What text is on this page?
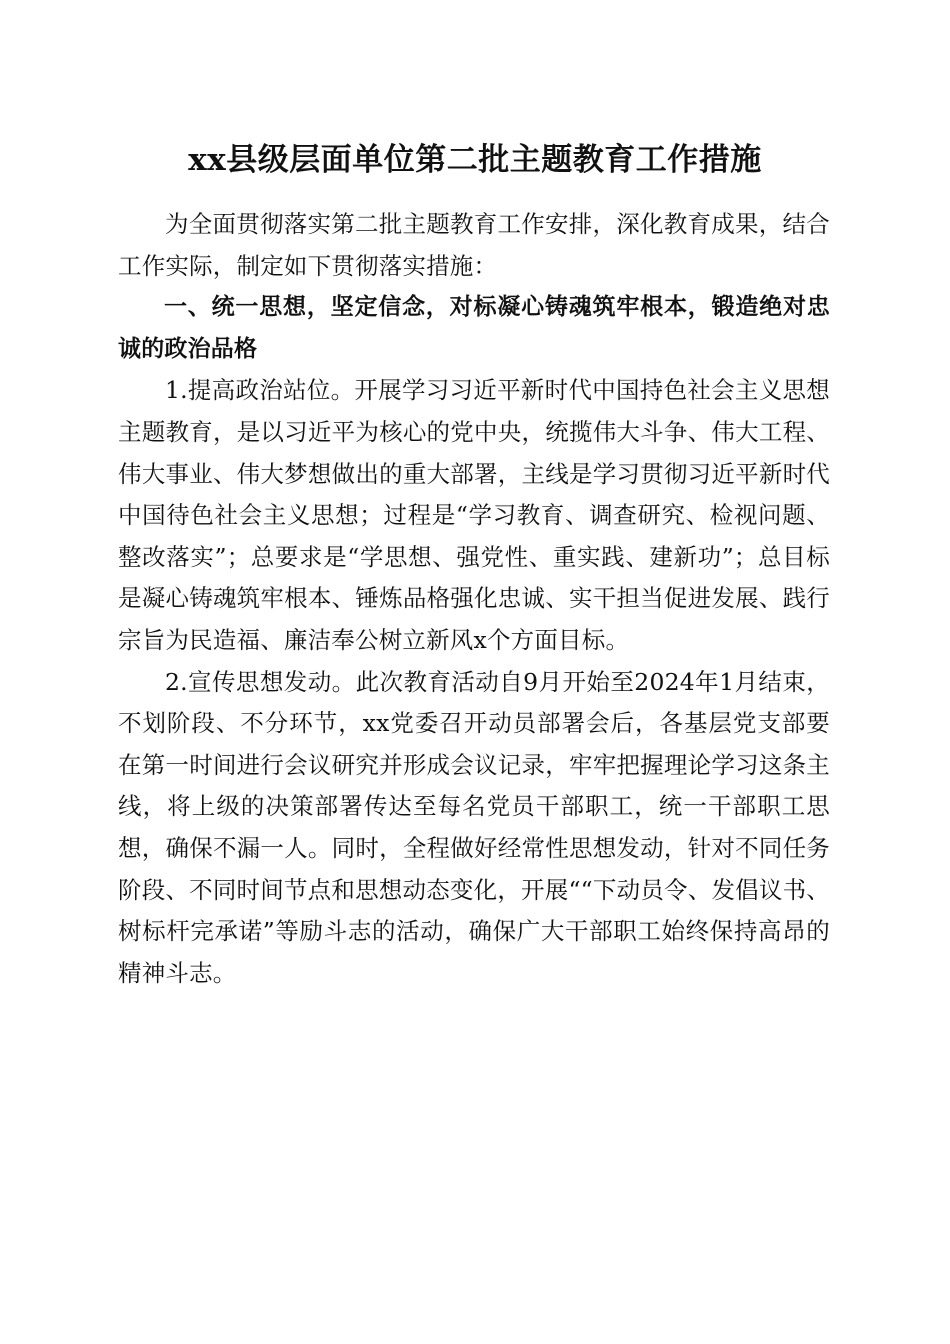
xx县级层面单位第二批主题教育工作措施

为全面贯彻落实第二批主题教育工作安排，深化教育成果，结合工作实际，制定如下贯彻落实措施：

一、统一思想，坚定信念，对标凝心铸魂筑牢根本，锻造绝对忠诚的政治品格

1.提高政治站位。开展学习习近平新时代中国持色社会主义思想主题教育，是以习近平为核心的党中央，统揽伟大斗争、伟大工程、伟大事业、伟大梦想做出的重大部署，主线是学习贯彻习近平新时代中国待色社会主义思想；过程是“学习教育、调查研究、检视问题、整改落实”；总要求是“学思想、强党性、重实践、建新功”；总目标是凝心铸魂筑牢根本、锤炼品格强化忠诚、实干担当促进发展、践行宗旨为民造福、廉洁奉公树立新风x个方面目标。

2.宣传思想发动。此次教育活动自9月开始至2024年1月结束，不划阶段、不分环节，xx党委召开动员部署会后，各基层党支部要在第一时间进行会议研究并形成会议记录，牢牢把握理论学习这条主线，将上级的决策部署传达至每名党员干部职工，统一干部职工思想，确保不漏一人。同时，全程做好经常性思想发动，针对不同任务阶段、不同时间节点和思想动态变化，开展““下动员令、发倡议书、树标杆完承诺”等励斗志的活动，确保广大干部职工始终保持高昂的精神斗志。
